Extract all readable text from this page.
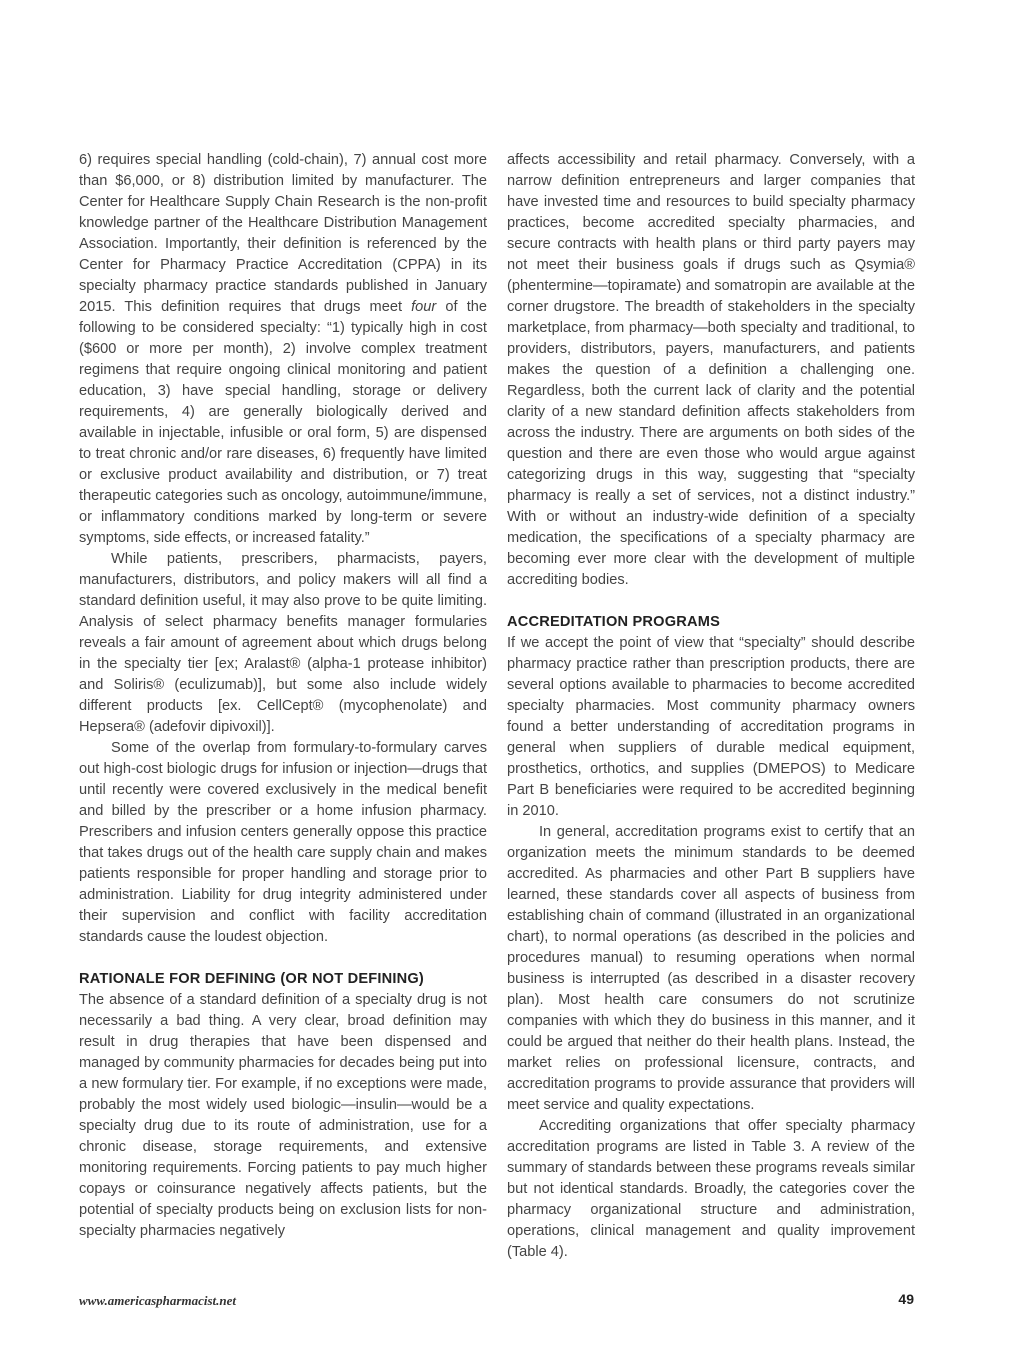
6) requires special handling (cold-chain), 7) annual cost more than $6,000, or 8) distribution limited by manufacturer. The Center for Healthcare Supply Chain Research is the non-profit knowledge partner of the Healthcare Distribution Management Association. Importantly, their definition is referenced by the Center for Pharmacy Practice Accreditation (CPPA) in its specialty pharmacy practice standards published in January 2015. This definition requires that drugs meet four of the following to be considered specialty: “1) typically high in cost ($600 or more per month), 2) involve complex treatment regimens that require ongoing clinical monitoring and patient education, 3) have special handling, storage or delivery requirements, 4) are generally biologically derived and available in injectable, infusible or oral form, 5) are dispensed to treat chronic and/or rare diseases, 6) frequently have limited or exclusive product availability and distribution, or 7) treat therapeutic categories such as oncology, autoimmune/immune, or inflammatory conditions marked by long-term or severe symptoms, side effects, or increased fatality.”

While patients, prescribers, pharmacists, payers, manufacturers, distributors, and policy makers will all find a standard definition useful, it may also prove to be quite limiting. Analysis of select pharmacy benefits manager formularies reveals a fair amount of agreement about which drugs belong in the specialty tier [ex; Aralast® (alpha-1 protease inhibitor) and Soliris® (eculizumab)], but some also include widely different products [ex. CellCept® (mycophenolate) and Hepsera® (adefovir dipivoxil)].

Some of the overlap from formulary-to-formulary carves out high-cost biologic drugs for infusion or injection—drugs that until recently were covered exclusively in the medical benefit and billed by the prescriber or a home infusion pharmacy. Prescribers and infusion centers generally oppose this practice that takes drugs out of the health care supply chain and makes patients responsible for proper handling and storage prior to administration. Liability for drug integrity administered under their supervision and conflict with facility accreditation standards cause the loudest objection.

RATIONALE FOR DEFINING (OR NOT DEFINING)

The absence of a standard definition of a specialty drug is not necessarily a bad thing. A very clear, broad definition may result in drug therapies that have been dispensed and managed by community pharmacies for decades being put into a new formulary tier. For example, if no exceptions were made, probably the most widely used biologic—insulin—would be a specialty drug due to its route of administration, use for a chronic disease, storage requirements, and extensive monitoring requirements. Forcing patients to pay much higher copays or coinsurance negatively affects patients, but the potential of specialty products being on exclusion lists for non-specialty pharmacies negatively

affects accessibility and retail pharmacy. Conversely, with a narrow definition entrepreneurs and larger companies that have invested time and resources to build specialty pharmacy practices, become accredited specialty pharmacies, and secure contracts with health plans or third party payers may not meet their business goals if drugs such as Qsymia® (phentermine—topiramate) and somatropin are available at the corner drugstore. The breadth of stakeholders in the specialty marketplace, from pharmacy—both specialty and traditional, to providers, distributors, payers, manufacturers, and patients makes the question of a definition a challenging one. Regardless, both the current lack of clarity and the potential clarity of a new standard definition affects stakeholders from across the industry. There are arguments on both sides of the question and there are even those who would argue against categorizing drugs in this way, suggesting that “specialty pharmacy is really a set of services, not a distinct industry.” With or without an industry-wide definition of a specialty medication, the specifications of a specialty pharmacy are becoming ever more clear with the development of multiple accrediting bodies.

ACCREDITATION PROGRAMS

If we accept the point of view that “specialty” should describe pharmacy practice rather than prescription products, there are several options available to pharmacies to become accredited specialty pharmacies. Most community pharmacy owners found a better understanding of accreditation programs in general when suppliers of durable medical equipment, prosthetics, orthotics, and supplies (DMEPOS) to Medicare Part B beneficiaries were required to be accredited beginning in 2010.

In general, accreditation programs exist to certify that an organization meets the minimum standards to be deemed accredited. As pharmacies and other Part B suppliers have learned, these standards cover all aspects of business from establishing chain of command (illustrated in an organizational chart), to normal operations (as described in the policies and procedures manual) to resuming operations when normal business is interrupted (as described in a disaster recovery plan). Most health care consumers do not scrutinize companies with which they do business in this manner, and it could be argued that neither do their health plans. Instead, the market relies on professional licensure, contracts, and accreditation programs to provide assurance that providers will meet service and quality expectations.

Accrediting organizations that offer specialty pharmacy accreditation programs are listed in Table 3. A review of the summary of standards between these programs reveals similar but not identical standards. Broadly, the categories cover the pharmacy organizational structure and administration, operations, clinical management and quality improvement (Table 4).

www.americaspharmacist.net	49
